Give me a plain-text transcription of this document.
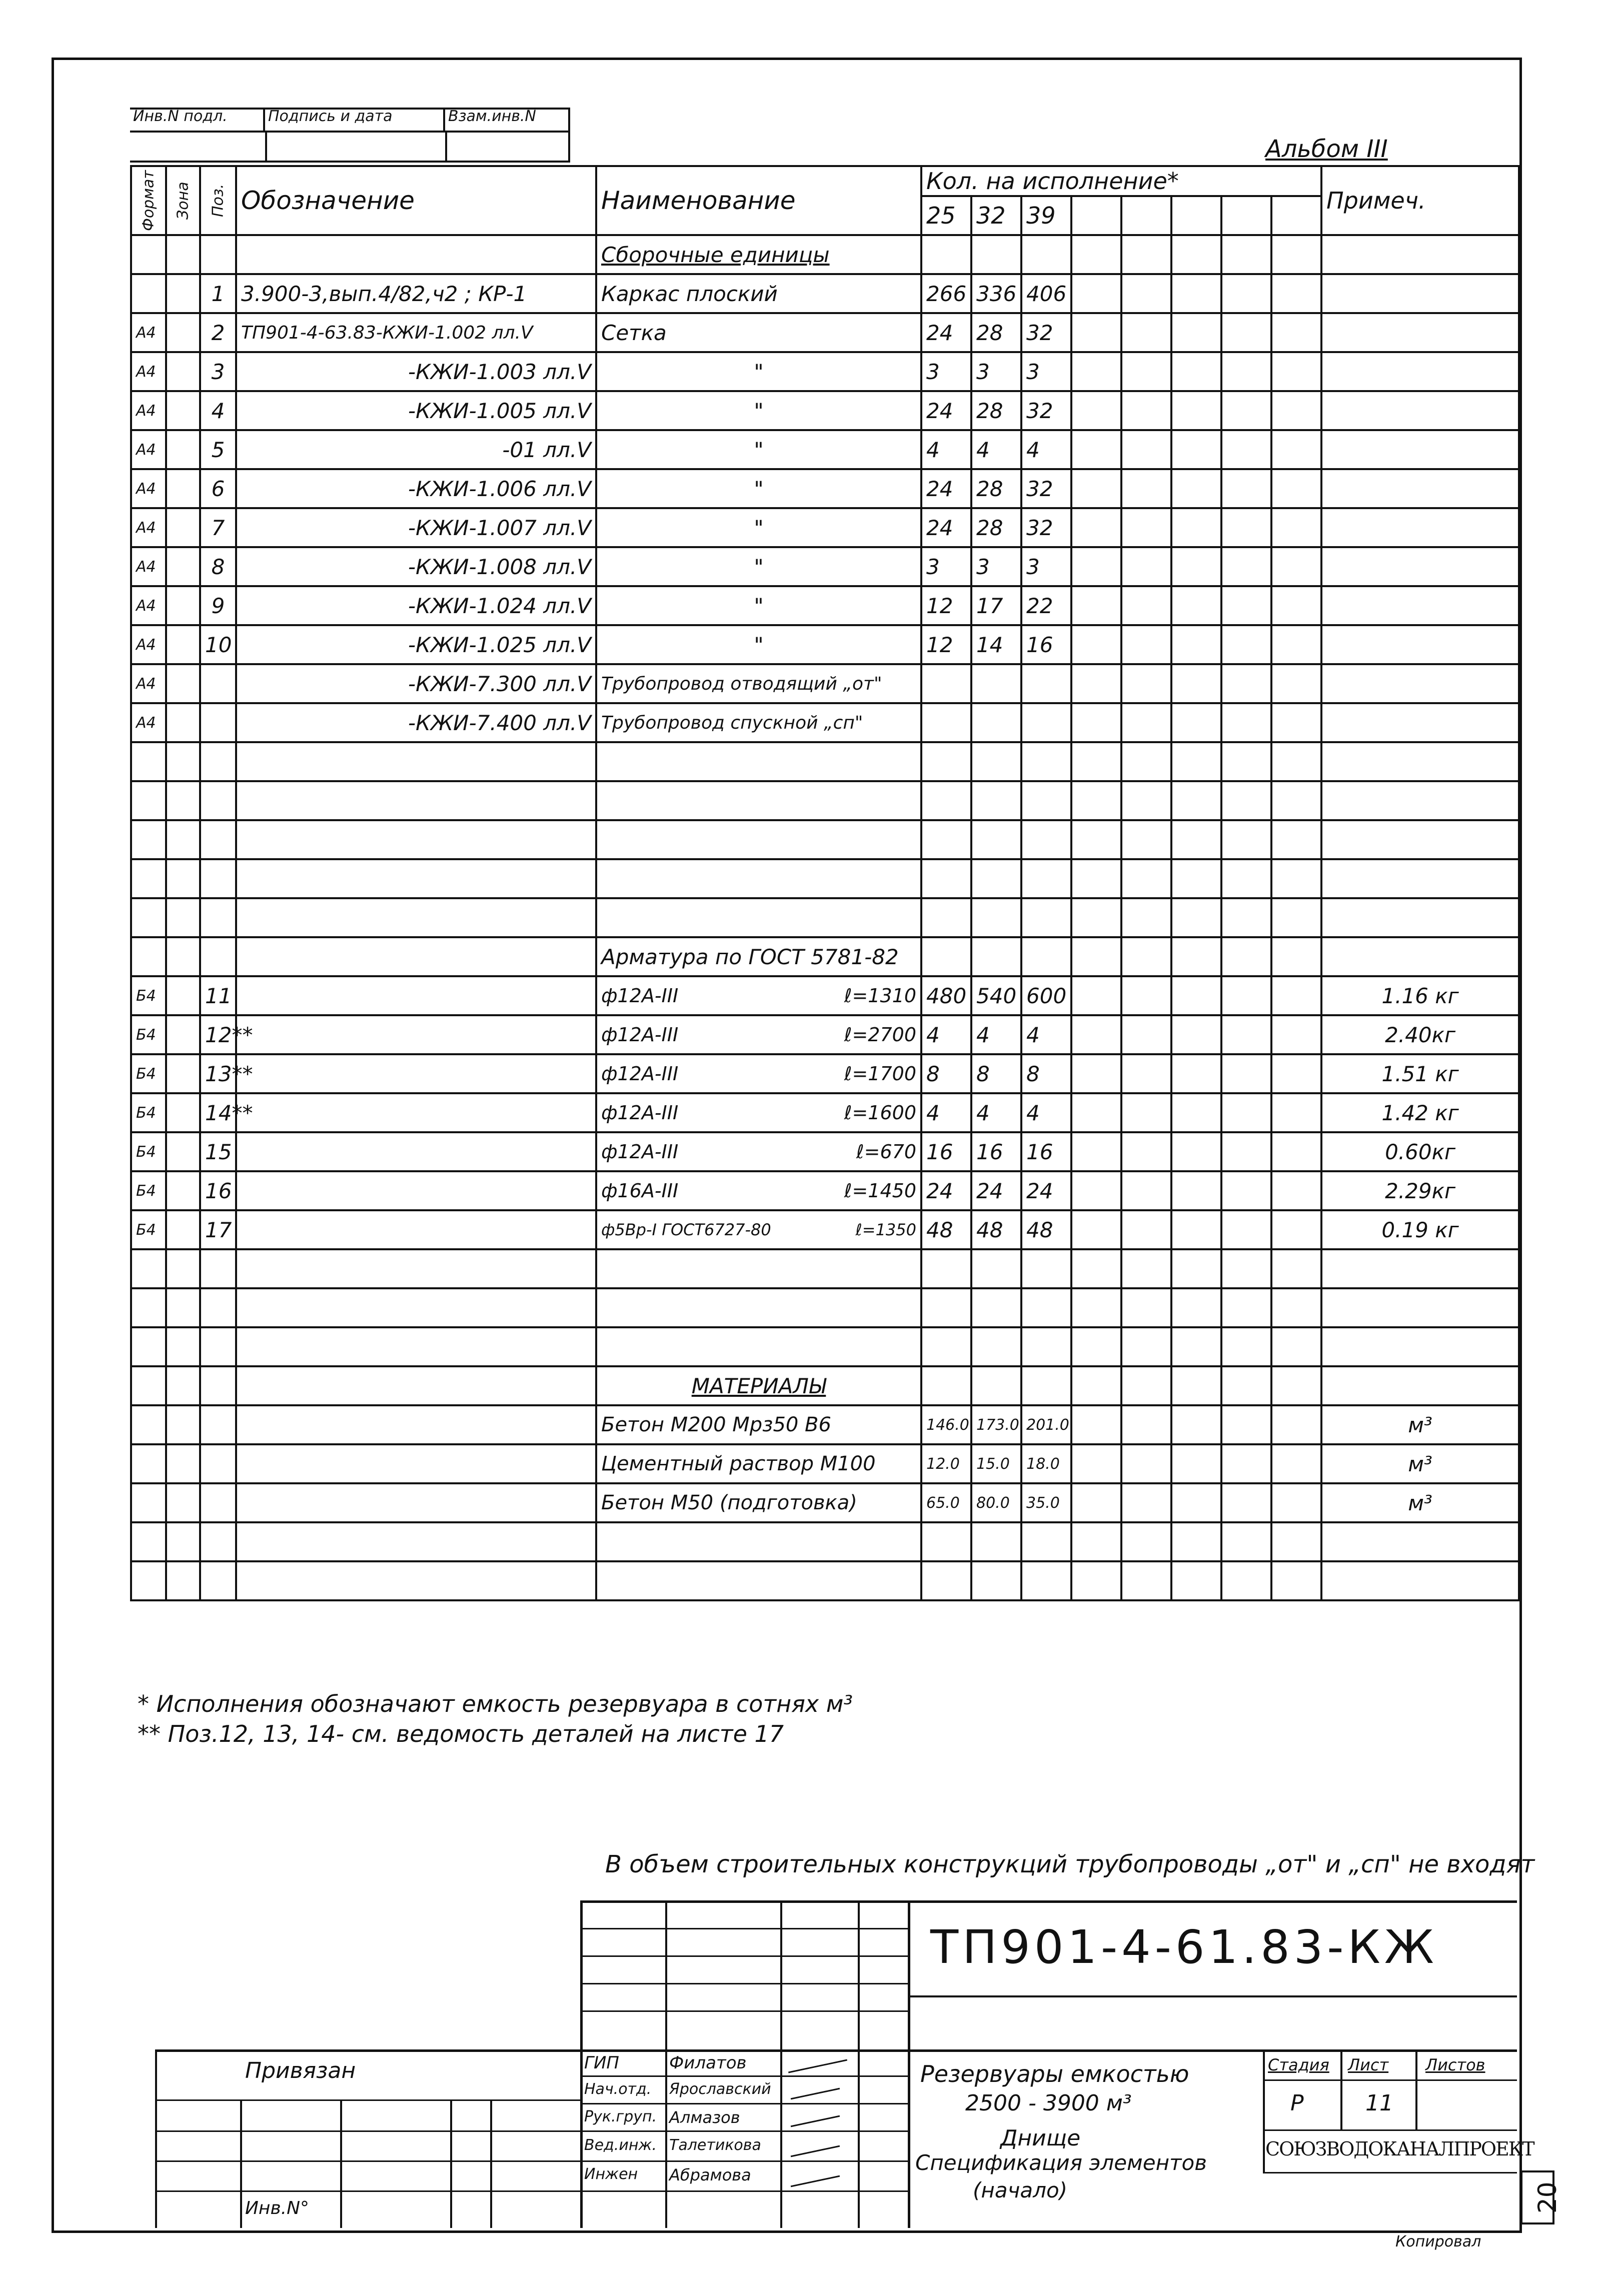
Инв.N подл.	Подпись и дата	Взам.инв.N
Альбом III
Формат	Зона	Поз.	Обозначение	Наименование	Кол. на исполнение*								Примеч.
					25	32	39						
				Сборочные единицы									
		1	3.900-3,вып.4/82,ч2 ; КР-1	Каркас плоский	266	336	406						
А4		2	ТП901-4-63.83-КЖИ-1.002 лл.V	Сетка	24	28	32						
А4		3	-КЖИ-1.003 лл.V	"	3	3	3						
А4		4	-КЖИ-1.005 лл.V	"	24	28	32						
А4		5	-01 лл.V	"	4	4	4						
А4		6	-КЖИ-1.006 лл.V	"	24	28	32						
А4		7	-КЖИ-1.007 лл.V	"	24	28	32						
А4		8	-КЖИ-1.008 лл.V	"	3	3	3						
А4		9	-КЖИ-1.024 лл.V	"	12	17	22						
А4		10	-КЖИ-1.025 лл.V	"	12	14	16						
А4			-КЖИ-7.300 лл.V	Трубопровод отводящий „от"									
А4			-КЖИ-7.400 лл.V	Трубопровод спускной „сп"									

				Арматура по ГОСТ 5781-82									
Б4		11		ф12А-III ℓ=1310	480	540	600						1.16 кг
Б4		12**		ф12А-III ℓ=2700	4	4	4						2.40кг
Б4		13**		ф12А-III ℓ=1700	8	8	8						1.51 кг
Б4		14**		ф12А-III ℓ=1600	4	4	4						1.42 кг
Б4		15		ф12А-III ℓ=670	16	16	16						0.60кг
Б4		16		ф16А-III ℓ=1450	24	24	24						2.29кг
Б4		17		ф5Вр-I ГОСТ6727-80 ℓ=1350	48	48	48						0.19 кг

				МАТЕРИАЛЫ									
				Бетон М200 Мрз50 В6	146.0	173.0	201.0						м³
				Цементный раствор М100	12.0	15.0	18.0						м³
				Бетон М50 (подготовка)	65.0	80.0	35.0						м³

* Исполнения обозначают емкость резервуара в сотнях м³
** Поз.12, 13, 14- см. ведомость деталей на листе 17
В объем строительных конструкций трубопроводы „от" и „сп" не входят
ТП901-4-61.83-КЖ
Привязан
Инв.N°
ГИП	Филатов
Нач.отд. Ярославский
Рук.груп. Алмазов
Вед.инж. Талетикова
Инжен Абрамова
Резервуары емкостью
2500 - 3900 м³
Днище
Спецификация элементов
(начало)
Стадия Лист Листов
Р	11
СОЮЗВОДОКАНАЛПРОЕКТ
20
Копировал
